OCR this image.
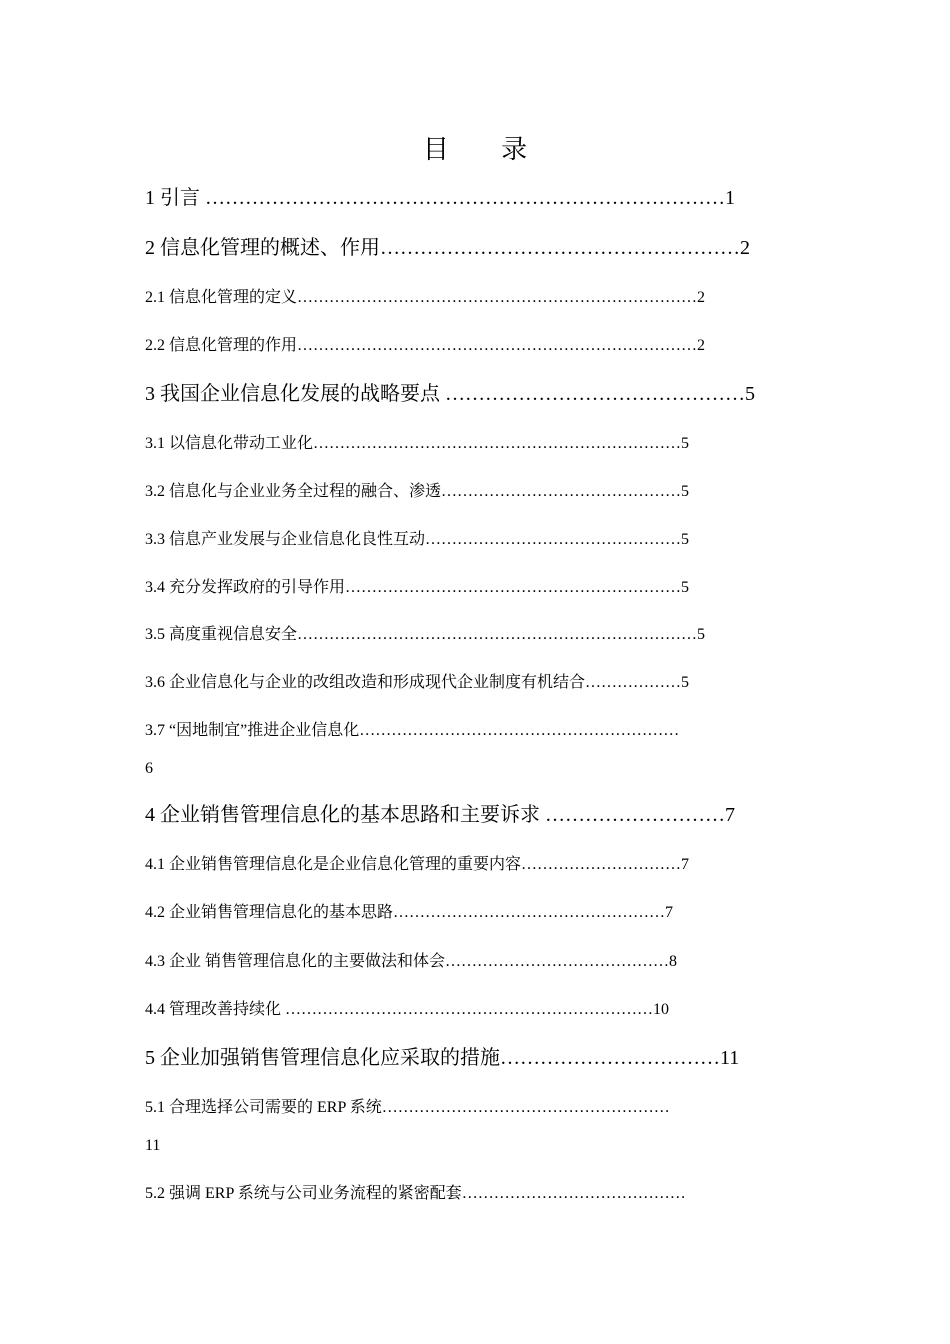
目 录
1 引言 ……………………………………………………………………1
2 信息化管理的概述、作用………………………………………………2
2.1 信息化管理的定义…………………………………………………………………2
2.2 信息化管理的作用…………………………………………………………………2
3 我国企业信息化发展的战略要点 ………………………………………5
3.1 以信息化带动工业化……………………………………………………………5
3.2 信息化与企业业务全过程的融合、渗透………………………………………5
3.3 信息产业发展与企业信息化良性互动…………………………………………5
3.4 充分发挥政府的引导作用………………………………………………………5
3.5 高度重视信息安全…………………………………………………………………5
3.6 企业信息化与企业的改组改造和形成现代企业制度有机结合………………5
3.7 “因地制宜”推进企业信息化……………………………………………………
6
4 企业销售管理信息化的基本思路和主要诉求 ………………………7
4.1 企业销售管理信息化是企业信息化管理的重要内容…………………………7
4.2 企业销售管理信息化的基本思路……………………………………………7
4.3 企业 销售管理信息化的主要做法和体会……………………………………8
4.4 管理改善持续化 ……………………………………………………………10
5 企业加强销售管理信息化应采取的措施……………………………11
5.1 合理选择公司需要的 ERP 系统………………………………………………
11
5.2 强调 ERP 系统与公司业务流程的紧密配套……………………………………
